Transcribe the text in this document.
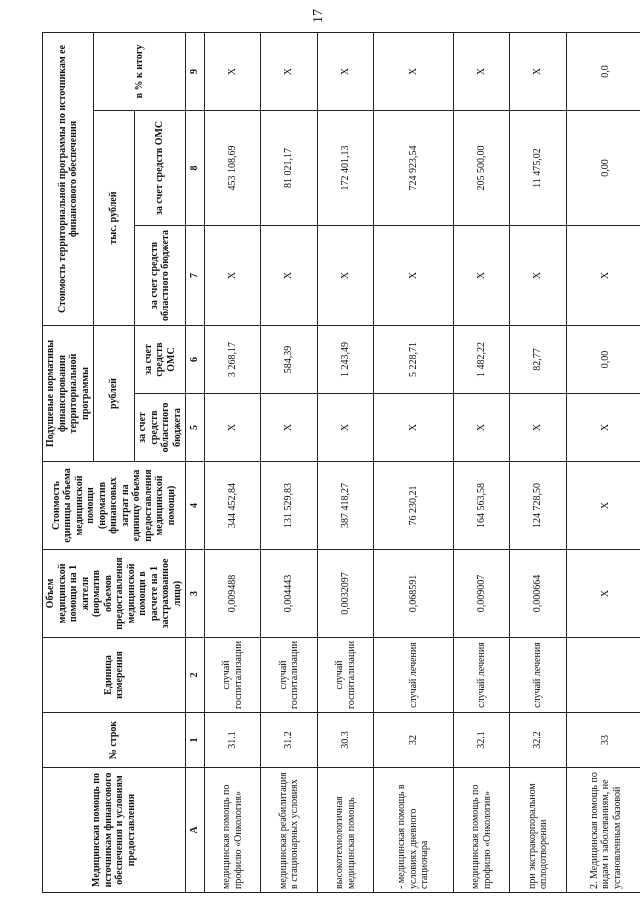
17
Медицинская помощь по источникам финансового обеспечения и условиям предоставления	№ строк	Единица измерения	Объем медицинской помощи на 1 жителя (норматив объемов предоставления медицинской помощи в расчете на 1 застрахованное лицо)	Стоимость единицы объема медицинской помощи (норматив финансовых затрат на единицу объема предоставления медицинской помощи)	Подушевые нормативы финансирования территориальной программы		Стоимость территориальной программы по источникам ее финансового обеспечения		
					рублей		тыс. рублей		в % к итогу
					за счет средств областного бюджета	за счет средств ОМС	за счет средств областного бюджета	за счет средств ОМС	
А	1	2	3	4	5	6	7	8	9
медицинская помощь по профилю «Онкология»	31.1	случай госпитализации	0,009488	344 452,84	X	3 268,17	X	453 108,69	X
медицинская реабилитация в стационарных условиях	31.2	случай госпитализации	0,004443	131 529,83	X	584,39	X	81 021,17	X
высокотехнологичная медицинская помощь	30.3	случай госпитализации	0,0032097	387 418,27	X	1 243,49	X	172 401,13	X
- медицинская помощь в условиях дневного стационара	32	случай лечения	0,068591	76 230,21	X	5 228,71	X	724 923,54	X
медицинская помощь по профилю «Онкология»	32.1	случай лечения	0,009007	164 563,58	X	1 482,22	X	205 500,00	X
при экстракорпоральном оплодотворении	32.2	случай лечения	0,000664	124 728,50	X	82,77	X	11 475,02	X
2. Медицинская помощь по видам и заболеваниям, не установленным базовой	33		X	X	X	0,00	X	0,00	0,0
